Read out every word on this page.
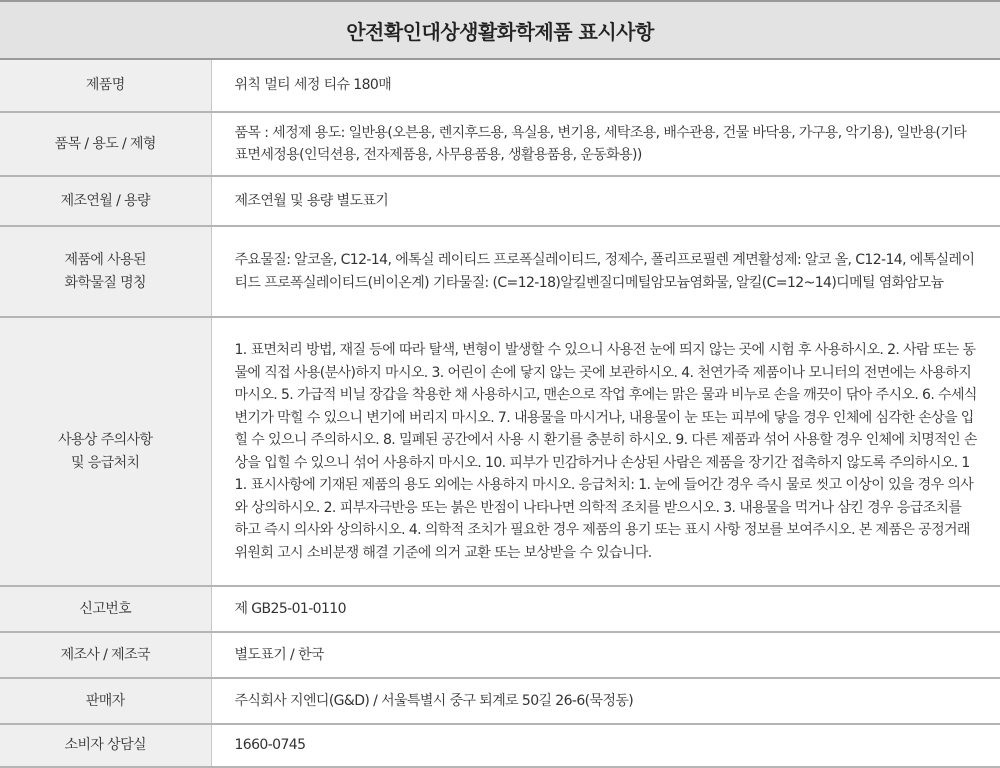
안전확인대상생활화학제품 표시사항
제품명	위칙 멀티 세정 티슈 180매
품목 / 용도 / 제형	품목 : 세정제 용도: 일반용(오븐용, 렌지후드용, 욕실용, 변기용, 세탁조용, 배수관용, 건물 바닥용, 가구용, 악기용), 일반용(기타표면세정용(인덕션용, 전자제품용, 사무용품용, 생활용품용, 운동화용))
제조연월 / 용량	제조연월 및 용량 별도표기

제품에 사용된
화학물질 명칭	주요물질: 알코올, C12-14, 에톡실 레이티드 프로폭실레이티드, 정제수, 폴리프로필렌 계면활성제: 알코 올, C12-14, 에톡실레이티드 프로폭실레이티드(비이온계) 기타물질: (C=12-18)알킬벤질디메틸암모늄염화물, 알킬(C=12~14)디메틸 염화암모늄

사용상 주의사항
및 응급처치	1. 표면처리 방법, 재질 등에 따라 탈색, 변형이 발생할 수 있으니 사용전 눈에 띄지 않는 곳에 시험 후 사용하시오. 2. 사람 또는 동물에 직접 사용(분사)하지 마시오. 3. 어린이 손에 닿지 않는 곳에 보관하시오. 4. 천연가죽 제품이나 모니터의 전면에는 사용하지 마시오. 5. 가급적 비닐 장갑을 착용한 채 사용하시고, 맨손으로 작업 후에는 맑은 물과 비누로 손을 깨끗이 닦아 주시오. 6. 수세식 변기가 막힐 수 있으니 변기에 버리지 마시오. 7. 내용물을 마시거나, 내용물이 눈 또는 피부에 닿을 경우 인체에 심각한 손상을 입힐 수 있으니 주의하시오. 8. 밀폐된 공간에서 사용 시 환기를 충분히 하시오. 9. 다른 제품과 섞어 사용할 경우 인체에 치명적인 손상을 입힐 수 있으니 섞어 사용하지 마시오. 10. 피부가 민감하거나 손상된 사람은 제품을 장기간 접촉하지 않도록 주의하시오. 11. 표시사항에 기재된 제품의 용도 외에는 사용하지 마시오. 응급처치: 1. 눈에 들어간 경우 즉시 물로 씻고 이상이 있을 경우 의사와 상의하시오. 2. 피부자극반응 또는 붉은 반점이 나타나면 의학적 조치를 받으시오. 3. 내용물을 먹거나 삼킨 경우 응급조치를 하고 즉시 의사와 상의하시오. 4. 의학적 조치가 필요한 경우 제품의 용기 또는 표시 사항 정보를 보여주시오. 본 제품은 공정거래위원회 고시 소비분쟁 해결 기준에 의거 교환 또는 보상받을 수 있습니다.
신고번호	제 GB25-01-0110
제조사 / 제조국	별도표기 / 한국
판매자	주식회사 지엔디(G&D) / 서울특별시 중구 퇴계로 50길 26-6(묵정동)
소비자 상담실	1660-0745
